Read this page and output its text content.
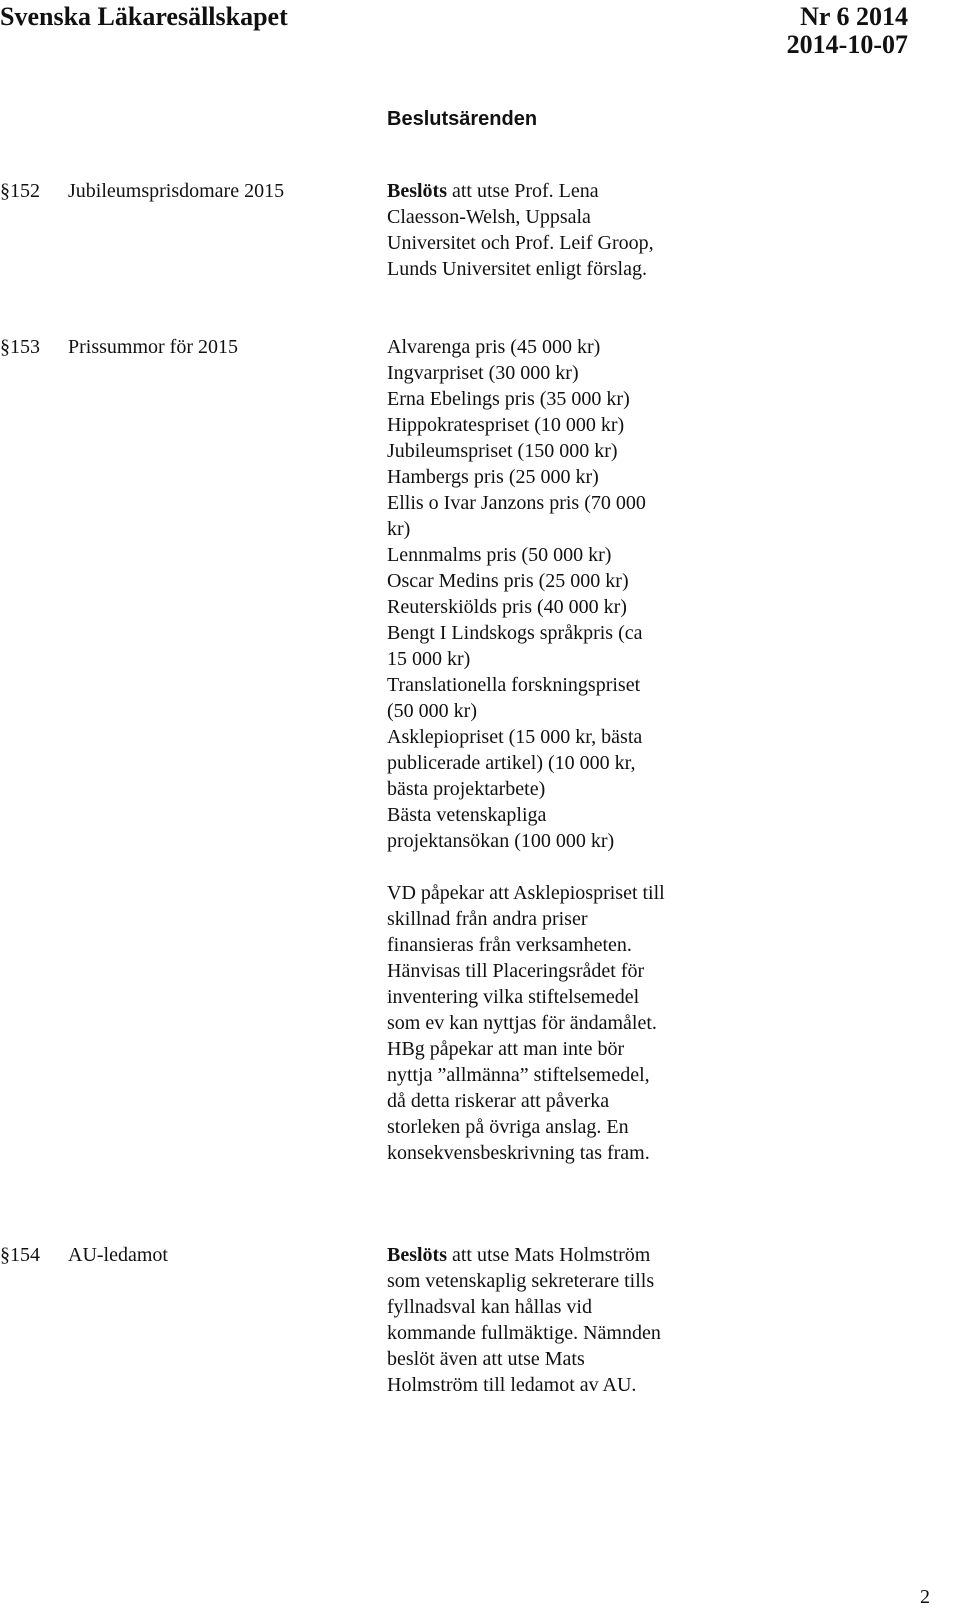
Svenska Läkaresällskapet	Nr 6 2014
2014-10-07
Beslutsärenden
§152 Jubileumsprisdomare 2015	Beslöts att utse Prof. Lena
Claesson-Welsh, Uppsala
Universitet och Prof. Leif Groop,
Lunds Universitet enligt förslag.
§153 Prissummor för 2015	Alvarenga pris (45 000 kr)
Ingvarpriset (30 000 kr)
Erna Ebelings pris (35 000 kr)
Hippokratespriset (10 000 kr)
Jubileumspriset (150 000 kr)
Hambergs pris (25 000 kr)
Ellis o Ivar Janzons pris (70 000
kr)
Lennmalms pris (50 000 kr)
Oscar Medins pris (25 000 kr)
Reuterskiölds pris (40 000 kr)
Bengt I Lindskogs språkpris (ca
15 000 kr)
Translationella forskningspriset
(50 000 kr)
Asklepiopriset (15 000 kr, bästa
publicerade artikel) (10 000 kr,
bästa projektarbete)
Bästa vetenskapliga
projektansökan (100 000 kr)
VD påpekar att Asklepiospriset till
skillnad från andra priser
finansieras från verksamheten.
Hänvisas till Placeringsrådet för
inventering vilka stiftelsemedel
som ev kan nyttjas för ändamålet.
HBg påpekar att man inte bör
nyttja ”allmänna” stiftelsemedel,
då detta riskerar att påverka
storleken på övriga anslag. En
konsekvensbeskrivning tas fram.
§154 AU-ledamot	Beslöts att utse Mats Holmström
som vetenskaplig sekreterare tills
fyllnadsval kan hållas vid
kommande fullmäktige. Nämnden
beslöt även att utse Mats
Holmström till ledamot av AU.
2
